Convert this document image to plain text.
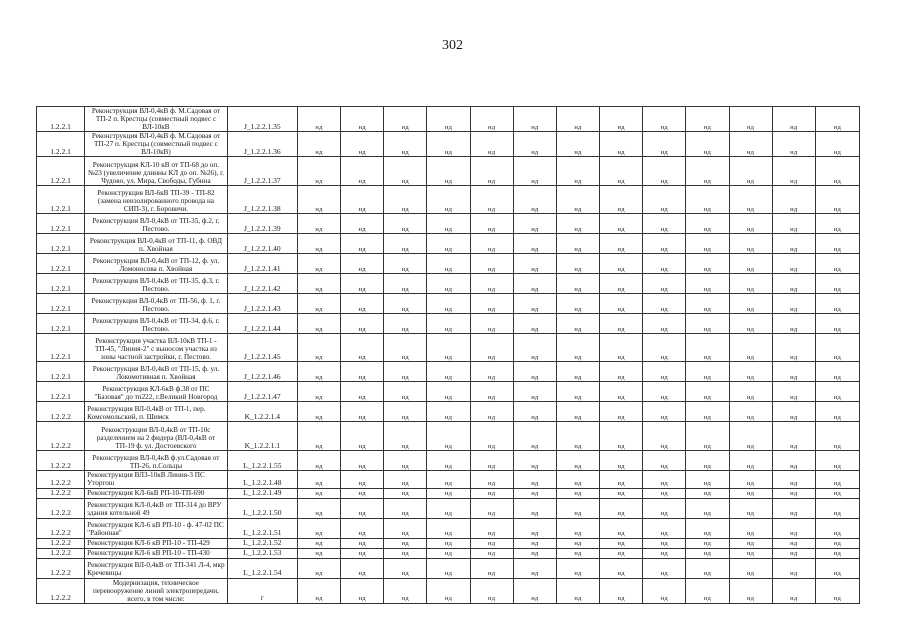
302
1.2.2.1	Реконструкция ВЛ-0,4кВ ф. М.Садовая от ТП-2 п. Крестцы (совместный подвес с ВЛ-10кВ	J_1.2.2.1.35	нд	нд	нд	нд	нд	нд	нд	нд	нд	нд	нд	нд	нд
1.2.2.1	Реконструкция ВЛ-0,4кВ ф. М.Садовая от ТП-27 п. Крестцы (совместный подвес с ВЛ-10кВ)	J_1.2.2.1.36	нд	нд	нд	нд	нд	нд	нд	нд	нд	нд	нд	нд	нд
1.2.2.1	Реконструкция КЛ-10 кВ от ТП-68 до оп. №23 (увеличение длинны КЛ до оп. №26), г. Чудово, ул. Мира, Свободы, Губина	J_1.2.2.1.37	нд	нд	нд	нд	нд	нд	нд	нд	нд	нд	нд	нд	нд
1.2.2.1	Реконструкция ВЛ-6кВ ТП-39 - ТП-82 (замена неизолированного провода на СИП-3), г. Боровичи.	J_1.2.2.1.38	нд	нд	нд	нд	нд	нд	нд	нд	нд	нд	нд	нд	нд
1.2.2.1	Реконструкция ВЛ-0,4кВ от ТП-35, ф.2, г. Пестово.	J_1.2.2.1.39	нд	нд	нд	нд	нд	нд	нд	нд	нд	нд	нд	нд	нд
1.2.2.1	Реконструкция ВЛ-0,4кВ от ТП-11, ф. ОВД п. Хвойная	J_1.2.2.1.40	нд	нд	нд	нд	нд	нд	нд	нд	нд	нд	нд	нд	нд
1.2.2.1	Реконструкция ВЛ-0,4кВ от ТП-12, ф. ул. Ломоносова п. Хвойная	J_1.2.2.1.41	нд	нд	нд	нд	нд	нд	нд	нд	нд	нд	нд	нд	нд
1.2.2.1	Реконструкция ВЛ-0,4кВ от ТП-35, ф.3, г. Пестово.	J_1.2.2.1.42	нд	нд	нд	нд	нд	нд	нд	нд	нд	нд	нд	нд	нд
1.2.2.1	Реконструкция ВЛ-0,4кВ от ТП-56, ф. 1, г. Пестово.	J_1.2.2.1.43	нд	нд	нд	нд	нд	нд	нд	нд	нд	нд	нд	нд	нд
1.2.2.1	Реконструкция ВЛ-0,4кВ от ТП-34, ф.6, г. Пестово.	J_1.2.2.1.44	нд	нд	нд	нд	нд	нд	нд	нд	нд	нд	нд	нд	нд
1.2.2.1	Реконструкция участка ВЛ-10кВ ТП-1 - ТП-45, "Линия-2" с выносом участка из зоны частной застройки, г. Пестово.	J_1.2.2.1.45	нд	нд	нд	нд	нд	нд	нд	нд	нд	нд	нд	нд	нд
1.2.2.1	Реконструкция ВЛ-0,4кВ от ТП-15, ф. ул. Локомотивная п. Хвойная	J_1.2.2.1.46	нд	нд	нд	нд	нд	нд	нд	нд	нд	нд	нд	нд	нд
1.2.2.1	Реконструкция КЛ-6кВ ф.38 от ПС "Базовая" до тп222, г.Великий Новгород	J_1.2.2.1.47	нд	нд	нд	нд	нд	нд	нд	нд	нд	нд	нд	нд	нд
1.2.2.2	Реконструкция ВЛ-0,4кВ от ТП-1, пер. Комсомольский, п. Шимск	K_1.2.2.1.4	нд	нд	нд	нд	нд	нд	нд	нд	нд	нд	нд	нд	нд
1.2.2.2	Реконструкция ВЛ-0,4кВ от ТП-10с разделением на 2 фидера (ВЛ-0,4кВ от ТП-19 ф. ул. Достоевского	K_1.2.2.1.1	нд	нд	нд	нд	нд	нд	нд	нд	нд	нд	нд	нд	нд
1.2.2.2	Реконструкция ВЛ-0,4кВ ф.ул.Садовая от ТП-26, п.Сольцы	L_1.2.2.1.55	нд	нд	нд	нд	нд	нд	нд	нд	нд	нд	нд	нд	нд
1.2.2.2	Реконструкция ВЛЗ-10кВ Линия-3 ПС Уторгош	L_1.2.2.1.48	нд	нд	нд	нд	нд	нд	нд	нд	нд	нд	нд	нд	нд
1.2.2.2	Реконструкция КЛ-6кВ РП-10-ТП-690	L_1.2.2.1.49	нд	нд	нд	нд	нд	нд	нд	нд	нд	нд	нд	нд	нд
1.2.2.2	Реконструкция КЛ-0,4кВ от ТП-314 до ВРУ здания котельной 49	L_1.2.2.1.50	нд	нд	нд	нд	нд	нд	нд	нд	нд	нд	нд	нд	нд
1.2.2.2	Реконструкция КЛ-6 кВ РП-10 - ф. 47-02 ПС "Районная"	L_1.2.2.1.51	нд	нд	нд	нд	нд	нд	нд	нд	нд	нд	нд	нд	нд
1.2.2.2	Реконструкция КЛ-6 кВ РП-10 - ТП-429	L_1.2.2.1.52	нд	нд	нд	нд	нд	нд	нд	нд	нд	нд	нд	нд	нд
1.2.2.2	Реконструкция КЛ-6 кВ РП-10 - ТП-430	L_1.2.2.1.53	нд	нд	нд	нд	нд	нд	нд	нд	нд	нд	нд	нд	нд
1.2.2.2	Реконструкция ВЛ-0,4кВ от ТП-341 Л-4, мкр Кречевицы	L_1.2.2.1.54	нд	нд	нд	нд	нд	нд	нд	нд	нд	нд	нд	нд	нд
1.2.2.2	Модернизация, техническое перевооружение линий электропередачи, всего, в том числе:	г	нд	нд	нд	нд	нд	нд	нд	нд	нд	нд	нд	нд	нд
